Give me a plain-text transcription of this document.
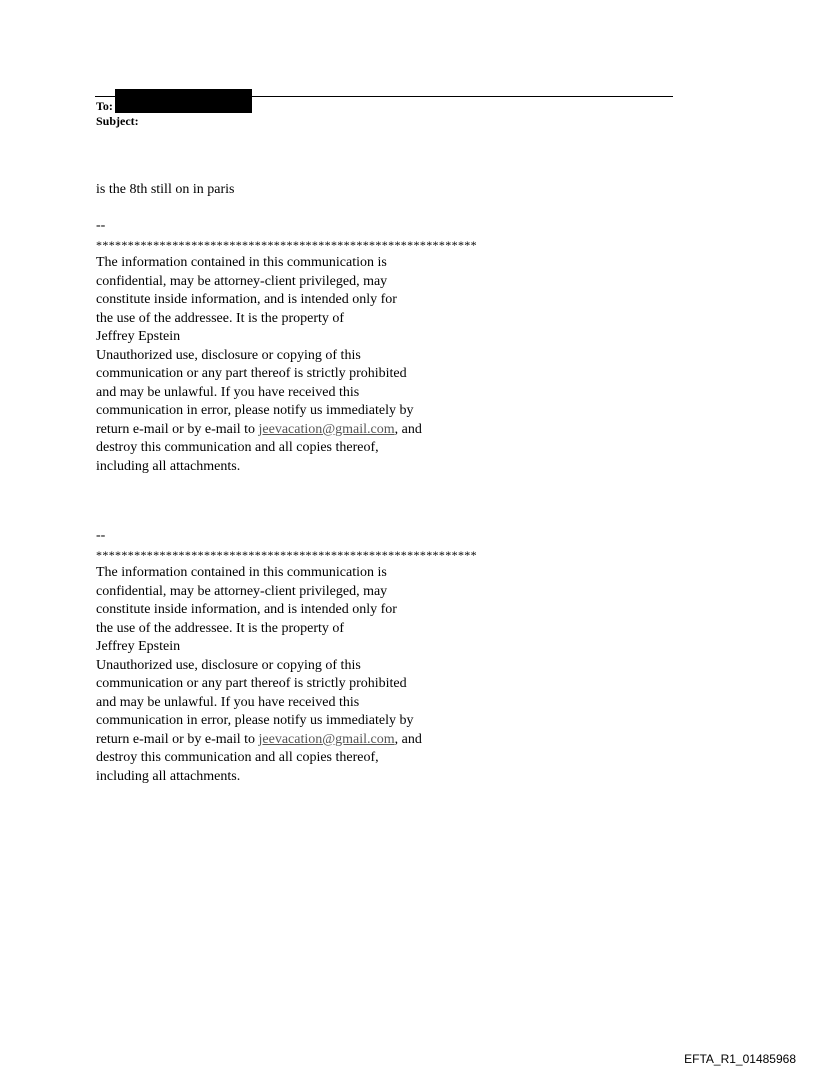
To:
Subject:
is the 8th still on in paris
--
************************************************************
The information contained in this communication is
confidential, may be attorney-client privileged, may
constitute inside information, and is intended only for
the use of the addressee. It is the property of
Jeffrey Epstein
Unauthorized use, disclosure or copying of this
communication or any part thereof is strictly prohibited
and may be unlawful. If you have received this
communication in error, please notify us immediately by
return e-mail or by e-mail to jeevacation@gmail.com, and
destroy this communication and all copies thereof,
including all attachments.
--
************************************************************
The information contained in this communication is
confidential, may be attorney-client privileged, may
constitute inside information, and is intended only for
the use of the addressee. It is the property of
Jeffrey Epstein
Unauthorized use, disclosure or copying of this
communication or any part thereof is strictly prohibited
and may be unlawful. If you have received this
communication in error, please notify us immediately by
return e-mail or by e-mail to jeevacation@gmail.com, and
destroy this communication and all copies thereof,
including all attachments.
EFTA_R1_01485968
